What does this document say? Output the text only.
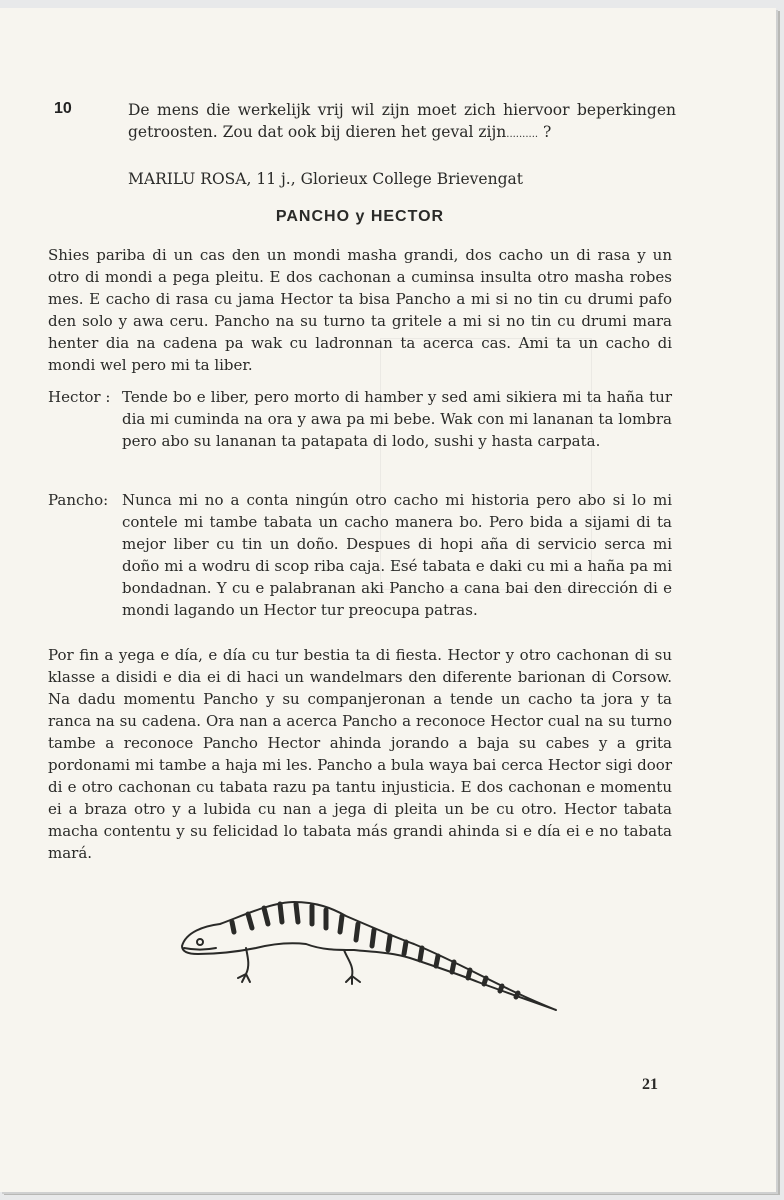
10	De mens die werkelijk vrij wil zijn moet zich hiervoor beperkingen getroosten. Zou dat ook bij dieren het geval zijn.......... ?
MARILU ROSA, 11 j., Glorieux College Brievengat
PANCHO y HECTOR
Shies pariba di un cas den un mondi masha grandi, dos cacho un di rasa y un otro di mondi a pega pleitu. E dos cachonan a cuminsa insulta otro masha robes mes. E cacho di rasa cu jama Hector ta bisa Pancho a mi si no tin cu drumi pafo den solo y awa ceru. Pancho na su turno ta gritele a mi si no tin cu drumi mara henter dia na cadena pa wak cu ladronnan ta acerca cas. Ami ta un cacho di mondi wel pero mi ta liber.
Hector : Tende bo e liber, pero morto di hamber y sed ami sikiera mi ta haña tur dia mi cuminda na ora y awa pa mi bebe. Wak con mi lananan ta lombra pero abo su lananan ta patapata di lodo, sushi y hasta carpata.
Pancho: Nunca mi no a conta ningún otro cacho mi historia pero abo si lo mi contele mi tambe tabata un cacho manera bo. Pero bida a sijami di ta mejor liber cu tin un doño. Despues di hopi aña di servicio serca mi doño mi a wodru di scop riba caja. Esé tabata e daki cu mi a haña pa mi bondadnan. Y cu e palabranan aki Pancho a cana bai den dirección di e mondi lagando un Hector tur preocupa patras.
Por fin a yega e día, e día cu tur bestia ta di fiesta. Hector y otro cachonan di su klasse a disidi e dia ei di haci un wandelmars den diferente barionan di Corsow. Na dadu momentu Pancho y su companjeronan a tende un cacho ta jora y ta ranca na su cadena. Ora nan a acerca Pancho a reconoce Hector cual na su turno tambe a reconoce Pancho Hector ahinda jorando a baja su cabes y a grita pordonami mi tambe a haja mi les. Pancho a bula waya bai cerca Hector sigi door di e otro cachonan cu tabata razu pa tantu injusticia. E dos cachonan e momentu ei a braza otro y a lubida cu nan a jega di pleita un be cu otro. Hector tabata macha contentu y su felicidad lo tabata más grandi ahinda si e día ei e no tabata mará.
21
